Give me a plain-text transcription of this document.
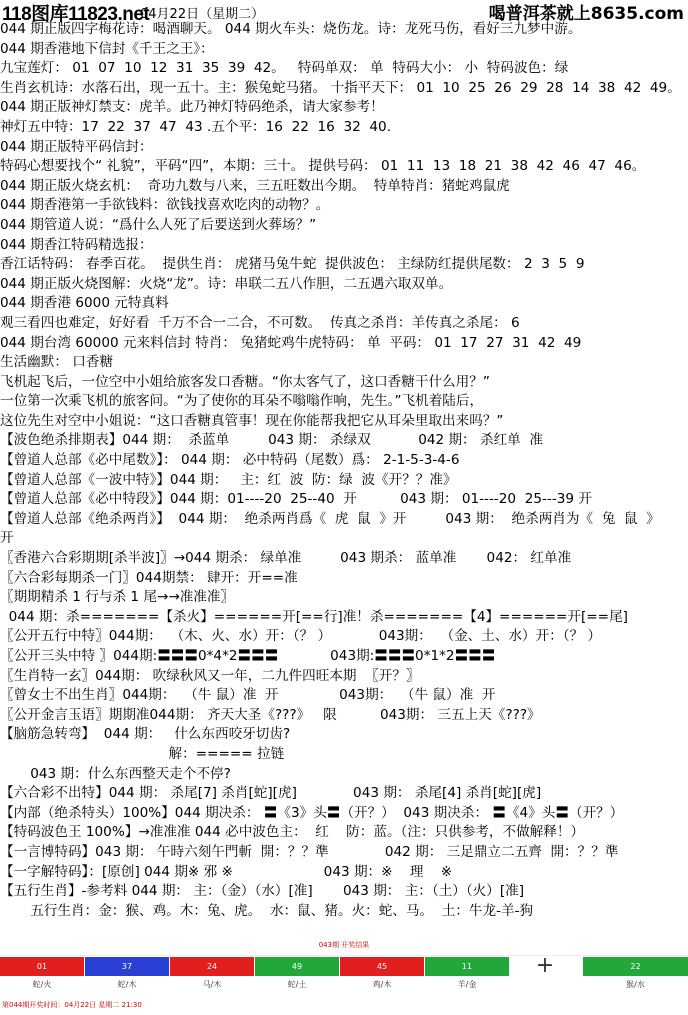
118图库11823.net
04月22日（星期二）	喝普洱茶就上8635.com
044 期正版四字梅花诗：喝酒聊天。 044 期火车头：烧伤龙。诗：龙死马伤，看好三九梦中游。
044 期香港地下信封《千王之王》：
九宝莲灯： 01  07  10  12  31  35  39  42。   特码单双： 单  特码大小： 小  特码波色：绿
生肖玄机诗：水落石出，现一五十。主：猴兔蛇马猪。 十指平天下： 01  10  25  26  29  28  14  38  42  49。
044 期正版神灯禁支：虎羊。此乃神灯特码绝杀，请大家参考！
神灯五中特：17  22  37  47  43 .五个平：16  22  16  32  40.
044 期正版特平码信封：
特码心想要找个“ 礼貌”，平码“四”，本期：三十。 提供号码： 01  11  13  18  21  38  42  46  47  46。
044 期正版火烧玄机：  奇功九数与八来，三五旺数出今期。  特单特肖：猪蛇鸡鼠虎
044 期香港第一手欲钱料：欲钱找喜欢吃肉的动物？。
044 期管道人说：“爲什么人死了后要送到火葬场？”
044 期香江特码精选报：
香江话特码： 春季百花。  提供生肖： 虎猪马兔牛蛇  提供波色： 主绿防红提供尾数： 2  3  5  9
044 期正版火烧图解：火烧“龙”。诗：串联二五八作胆，二五遇六取双单。
044 期香港 6000 元特真料
观三看四也难定，好好看  千万不合一二合，不可数。  传真之杀肖：羊传真之杀尾： 6
044 期台湾 60000 元来料信封 特肖： 兔猪蛇鸡牛虎特码： 单  平码： 01  17  27  31  42  49
生活幽默： 口香糖
飞机起飞后，一位空中小姐给旅客发口香糖。“你太客气了，这口香糖干什么用？”
一位第一次乘飞机的旅客问。“为了使你的耳朵不嗡嗡作响，先生。”飞机着陆后，
这位先生对空中小姐说：“这口香糖真管事！现在你能帮我把它从耳朵里取出来吗？”
【波色绝杀排期表】044 期：  杀蓝单         043 期： 杀绿双           042 期： 杀红单  准
【曾道人总部《必中尾数》】： 044 期： 必中特码（尾数）爲： 2-1-5-3-4-6
【曾道人总部《一波中特》】044 期：   主：红  波  防：绿  波《开？？准》
【曾道人总部《必中特段》】044 期：01----20  25--40  开          043 期： 01----20  25---39 开
【曾道人总部《绝杀两肖》】  044 期：  绝杀两肖爲《  虎  鼠  》开         043 期：  绝杀两肖为《  兔  鼠  》
开
〖香港六合彩期期[杀半波]〗→044 期杀： 绿单准         043 期杀： 蓝单准       042： 红单准
〖六合彩每期杀一门〗044期禁： 肆开：开==准
〖期期精杀 1 行与杀 1 尾→→准准准〗
044 期：杀=======【杀火】======开[==行]准！杀=======【4】======开[==尾]
〖公开五行中特〗044期：  （木、火、水）开：（？ ）           043期：  （金、土、水）开：（？ ）
〖公开三头中特 〗044期:〓〓〓0*4*2〓〓〓            043期:〓〓〓0*1*2〓〓〓
〖生肖特一玄〗044期： 吹绿秋风又一年，二九件四旺本期  〖开？〗
〖曾女士不出生肖〗044期：  （牛 鼠）准  开              043期：  （牛 鼠）准  开
〖公开金言玉语〗期期准044期： 齐天大圣《???》   限          043期： 三五上天《???》
【脑筋急转弯】  044 期：   什么东西咬牙切齿?
解：===== 拉链
043 期：什么东西整天走个不停?
【六合彩不出特】044 期： 杀尾[7] 杀肖[蛇][虎]             043 期： 杀尾[4] 杀肖[蛇][虎]
【内部（绝杀特头）100%】044 期决杀： 〓《3》头〓（开？）  043 期决杀： 〓《4》头〓（开？）
【特码波色王 100%】→准准准 044 必中波色主：  红    防：蓝。（注：只供参考，不做解释！）
【一言博特码】043 期： 午時六刻午門斬  開：？？準             042 期： 三足鼎立二五齊  開：？？準
【一字解特码】：[原创] 044 期※ 邪 ※                     043 期：※    理    ※
【五行生肖】-参考料 044 期： 主：（金）（水）[准]       043 期： 主：（土）（火）[准]
五行生肖：金：猴、鸡。木：兔、虎。  水：鼠、猪。火：蛇、马。  土：牛龙-羊-狗
043期 开奖结果
01	37	24	49	45	11	22
+
蛇/火	蛇/木	马/木	蛇/土	鸡/木	羊/金	猴/水
第044期开奖时间：04月22日 星期二 21:30
